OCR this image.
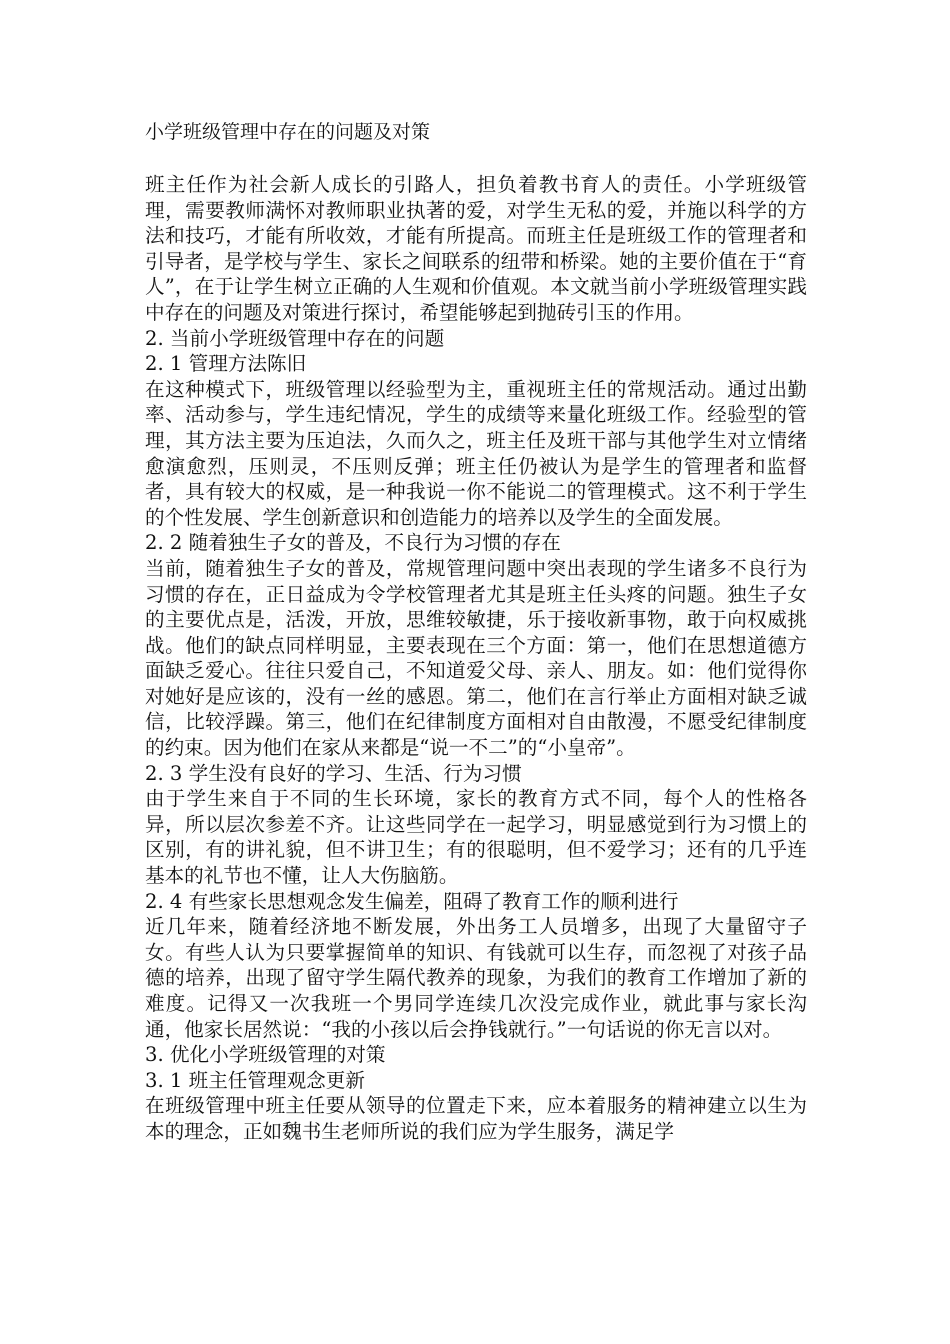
小学班级管理中存在的问题及对策

班主任作为社会新人成长的引路人，担负着教书育人的责任。小学班级管理，需要教师满怀对教师职业执著的爱，对学生无私的爱，并施以科学的方法和技巧，才能有所收效，才能有所提高。而班主任是班级工作的管理者和引导者，是学校与学生、家长之间联系的纽带和桥梁。她的主要价值在于“育人”，在于让学生树立正确的人生观和价值观。本文就当前小学班级管理实践中存在的问题及对策进行探讨，希望能够起到抛砖引玉的作用。

2. 当前小学班级管理中存在的问题

2. 1 管理方法陈旧

在这种模式下，班级管理以经验型为主，重视班主任的常规活动。通过出勤率、活动参与，学生违纪情况，学生的成绩等来量化班级工作。经验型的管理，其方法主要为压迫法，久而久之，班主任及班干部与其他学生对立情绪愈演愈烈，压则灵，不压则反弹；班主任仍被认为是学生的管理者和监督者，具有较大的权威，是一种我说一你不能说二的管理模式。这不利于学生的个性发展、学生创新意识和创造能力的培养以及学生的全面发展。

2. 2 随着独生子女的普及，不良行为习惯的存在

当前，随着独生子女的普及，常规管理问题中突出表现的学生诸多不良行为习惯的存在，正日益成为令学校管理者尤其是班主任头疼的问题。独生子女的主要优点是，活泼，开放，思维较敏捷，乐于接收新事物，敢于向权威挑战。他们的缺点同样明显，主要表现在三个方面：第一，他们在思想道德方面缺乏爱心。往往只爱自己，不知道爱父母、亲人、朋友。如：他们觉得你对她好是应该的，没有一丝的感恩。第二，他们在言行举止方面相对缺乏诚信，比较浮躁。第三，他们在纪律制度方面相对自由散漫，不愿受纪律制度的约束。因为他们在家从来都是“说一不二”的“小皇帝”。

2. 3 学生没有良好的学习、生活、行为习惯

由于学生来自于不同的生长环境，家长的教育方式不同，每个人的性格各异，所以层次参差不齐。让这些同学在一起学习，明显感觉到行为习惯上的区别，有的讲礼貌，但不讲卫生；有的很聪明，但不爱学习；还有的几乎连基本的礼节也不懂，让人大伤脑筋。

2. 4 有些家长思想观念发生偏差，阻碍了教育工作的顺利进行

近几年来，随着经济地不断发展，外出务工人员增多，出现了大量留守子女。有些人认为只要掌握简单的知识、有钱就可以生存，而忽视了对孩子品德的培养，出现了留守学生隔代教养的现象，为我们的教育工作增加了新的难度。记得又一次我班一个男同学连续几次没完成作业，就此事与家长沟通，他家长居然说：“我的小孩以后会挣钱就行。”一句话说的你无言以对。

3. 优化小学班级管理的对策

3. 1 班主任管理观念更新

在班级管理中班主任要从领导的位置走下来，应本着服务的精神建立以生为本的理念，正如魏书生老师所说的我们应为学生服务，满足学
